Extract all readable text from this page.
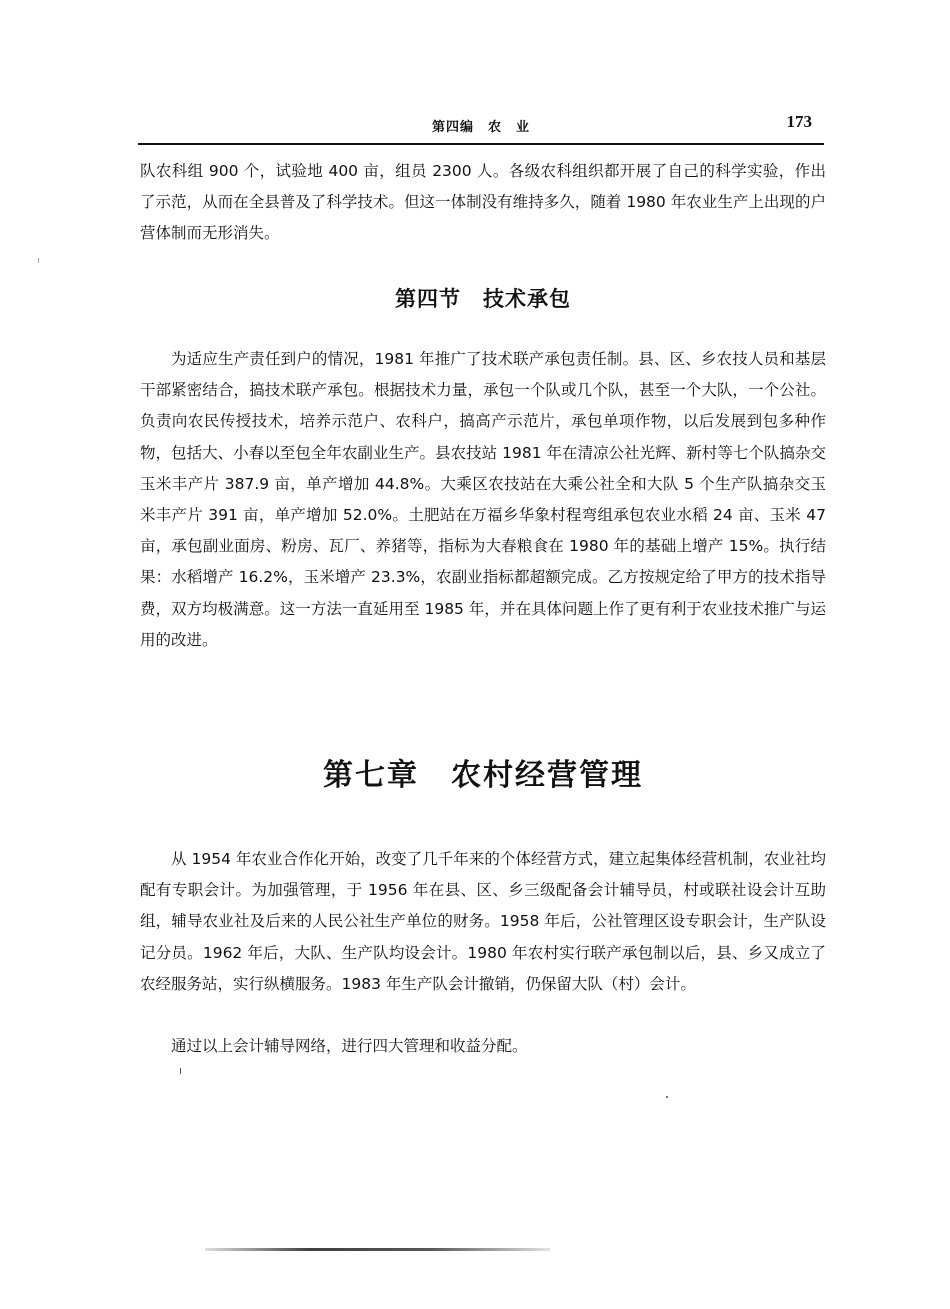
第四编　农　业	173

队农科组 900 个，试验地 400 亩，组员 2300 人。各级农科组织都开展了自己的科学实验，作出了示范，从而在全县普及了科学技术。但这一体制没有维持多久，随着 1980 年农业生产上出现的户营体制而无形消失。

第四节　技术承包

为适应生产责任到户的情况，1981 年推广了技术联产承包责任制。县、区、乡农技人员和基层干部紧密结合，搞技术联产承包。根据技术力量，承包一个队或几个队，甚至一个大队，一个公社。负责向农民传授技术，培养示范户、农科户，搞高产示范片，承包单项作物，以后发展到包多种作物，包括大、小春以至包全年农副业生产。县农技站 1981 年在清凉公社光辉、新村等七个队搞杂交玉米丰产片 387.9 亩，单产增加 44.8%。大乘区农技站在大乘公社全和大队 5 个生产队搞杂交玉米丰产片 391 亩，单产增加 52.0%。土肥站在万福乡华象村程弯组承包农业水稻 24 亩、玉米 47 亩，承包副业面房、粉房、瓦厂、养猪等，指标为大春粮食在 1980 年的基础上增产 15%。执行结果：水稻增产 16.2%，玉米增产 23.3%，农副业指标都超额完成。乙方按规定给了甲方的技术指导费，双方均极满意。这一方法一直延用至 1985 年，并在具体问题上作了更有利于农业技术推广与运用的改进。

第七章　农村经营管理

从 1954 年农业合作化开始，改变了几千年来的个体经营方式，建立起集体经营机制，农业社均配有专职会计。为加强管理，于 1956 年在县、区、乡三级配备会计辅导员，村或联社设会计互助组，辅导农业社及后来的人民公社生产单位的财务。1958 年后，公社管理区设专职会计，生产队设记分员。1962 年后，大队、生产队均设会计。1980 年农村实行联产承包制以后，县、乡又成立了农经服务站，实行纵横服务。1983 年生产队会计撤销，仍保留大队（村）会计。

通过以上会计辅导网络，进行四大管理和收益分配。
